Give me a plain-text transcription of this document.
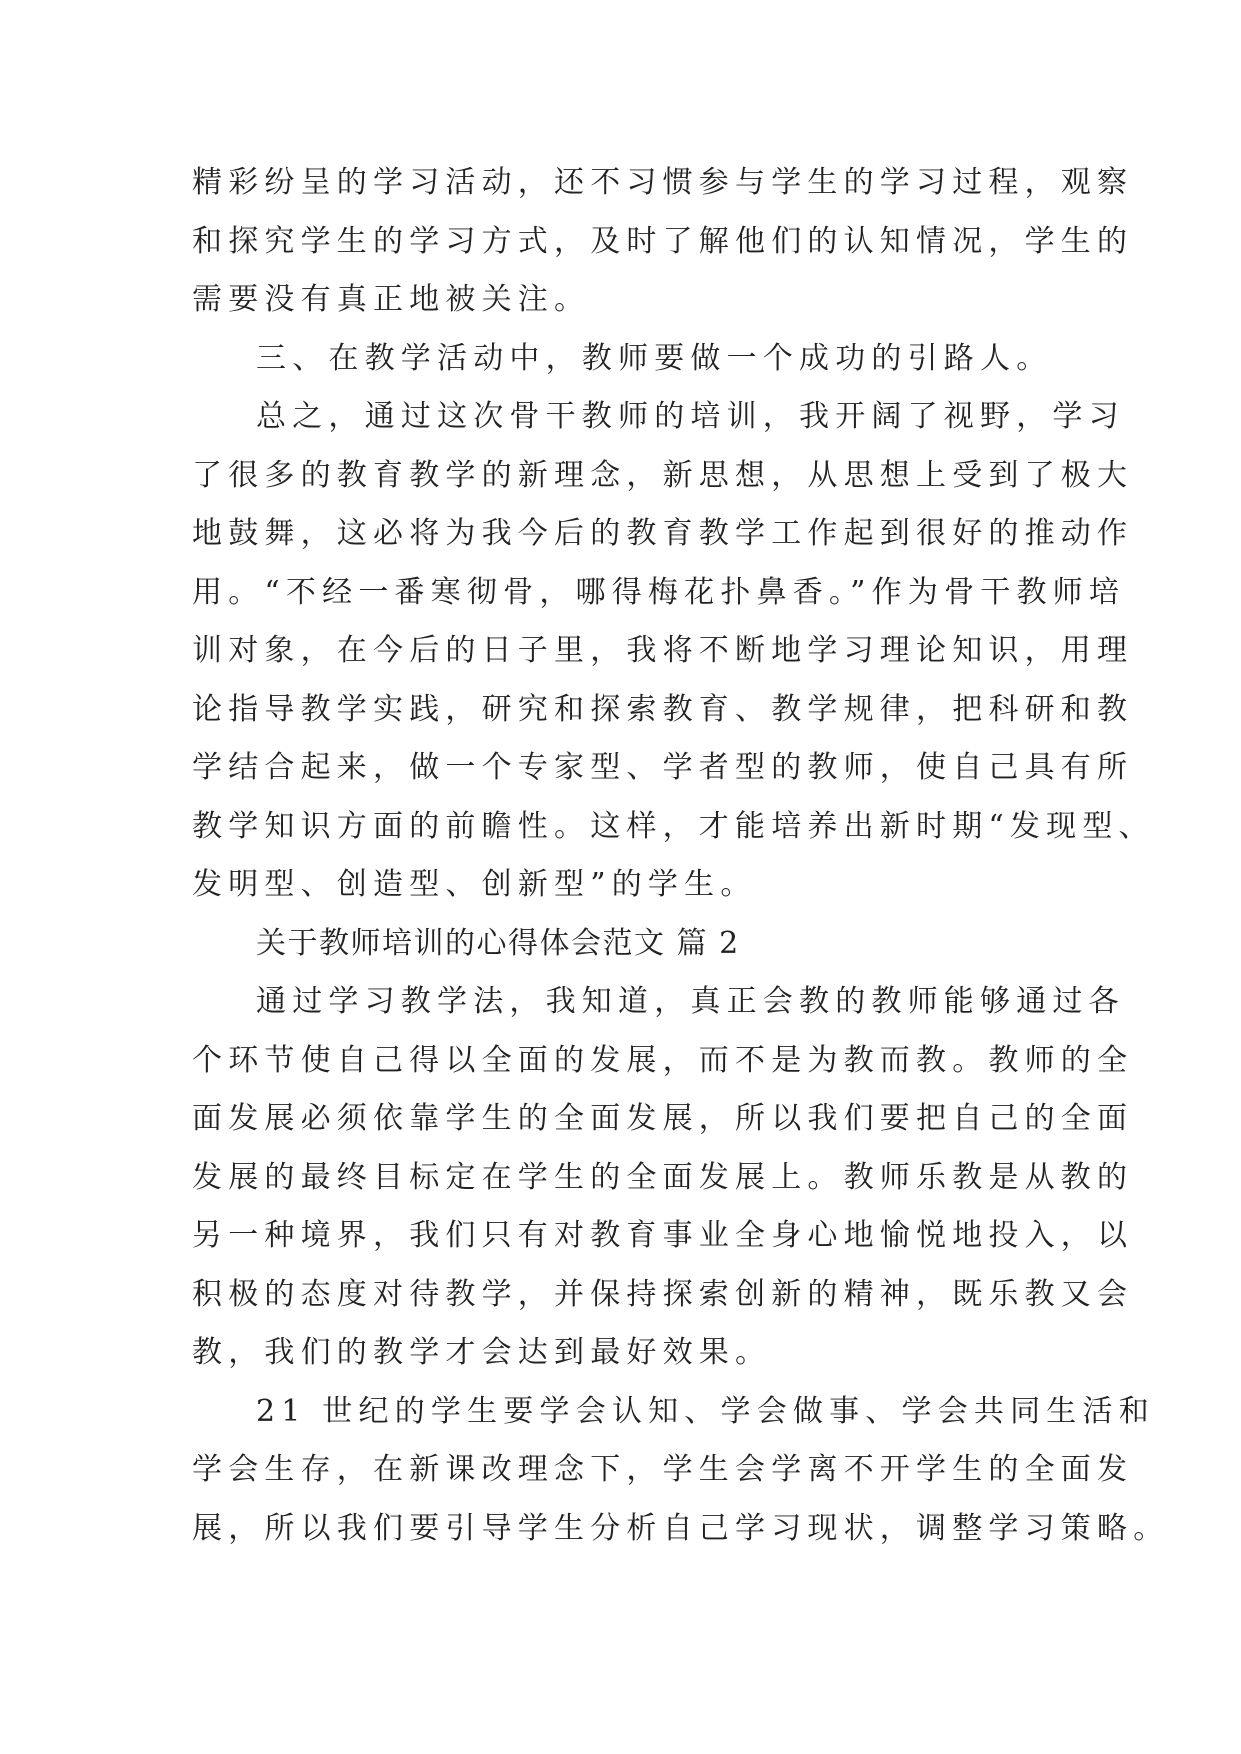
精彩纷呈的学习活动，还不习惯参与学生的学习过程，观察
和探究学生的学习方式，及时了解他们的认知情况，学生的
需要没有真正地被关注。
三、在教学活动中，教师要做一个成功的引路人。
总之，通过这次骨干教师的培训，我开阔了视野，学习
了很多的教育教学的新理念，新思想，从思想上受到了极大
地鼓舞，这必将为我今后的教育教学工作起到很好的推动作
用。“不经一番寒彻骨，哪得梅花扑鼻香。”作为骨干教师培
训对象，在今后的日子里，我将不断地学习理论知识，用理
论指导教学实践，研究和探索教育、教学规律，把科研和教
学结合起来，做一个专家型、学者型的教师，使自己具有所
教学知识方面的前瞻性。这样，才能培养出新时期“发现型、
发明型、创造型、创新型”的学生。
关于教师培训的心得体会范文 篇 2
通过学习教学法，我知道，真正会教的教师能够通过各
个环节使自己得以全面的发展，而不是为教而教。教师的全
面发展必须依靠学生的全面发展，所以我们要把自己的全面
发展的最终目标定在学生的全面发展上。教师乐教是从教的
另一种境界，我们只有对教育事业全身心地愉悦地投入，以
积极的态度对待教学，并保持探索创新的精神，既乐教又会
教，我们的教学才会达到最好效果。
21 世纪的学生要学会认知、学会做事、学会共同生活和
学会生存，在新课改理念下，学生会学离不开学生的全面发
展，所以我们要引导学生分析自己学习现状，调整学习策略。
